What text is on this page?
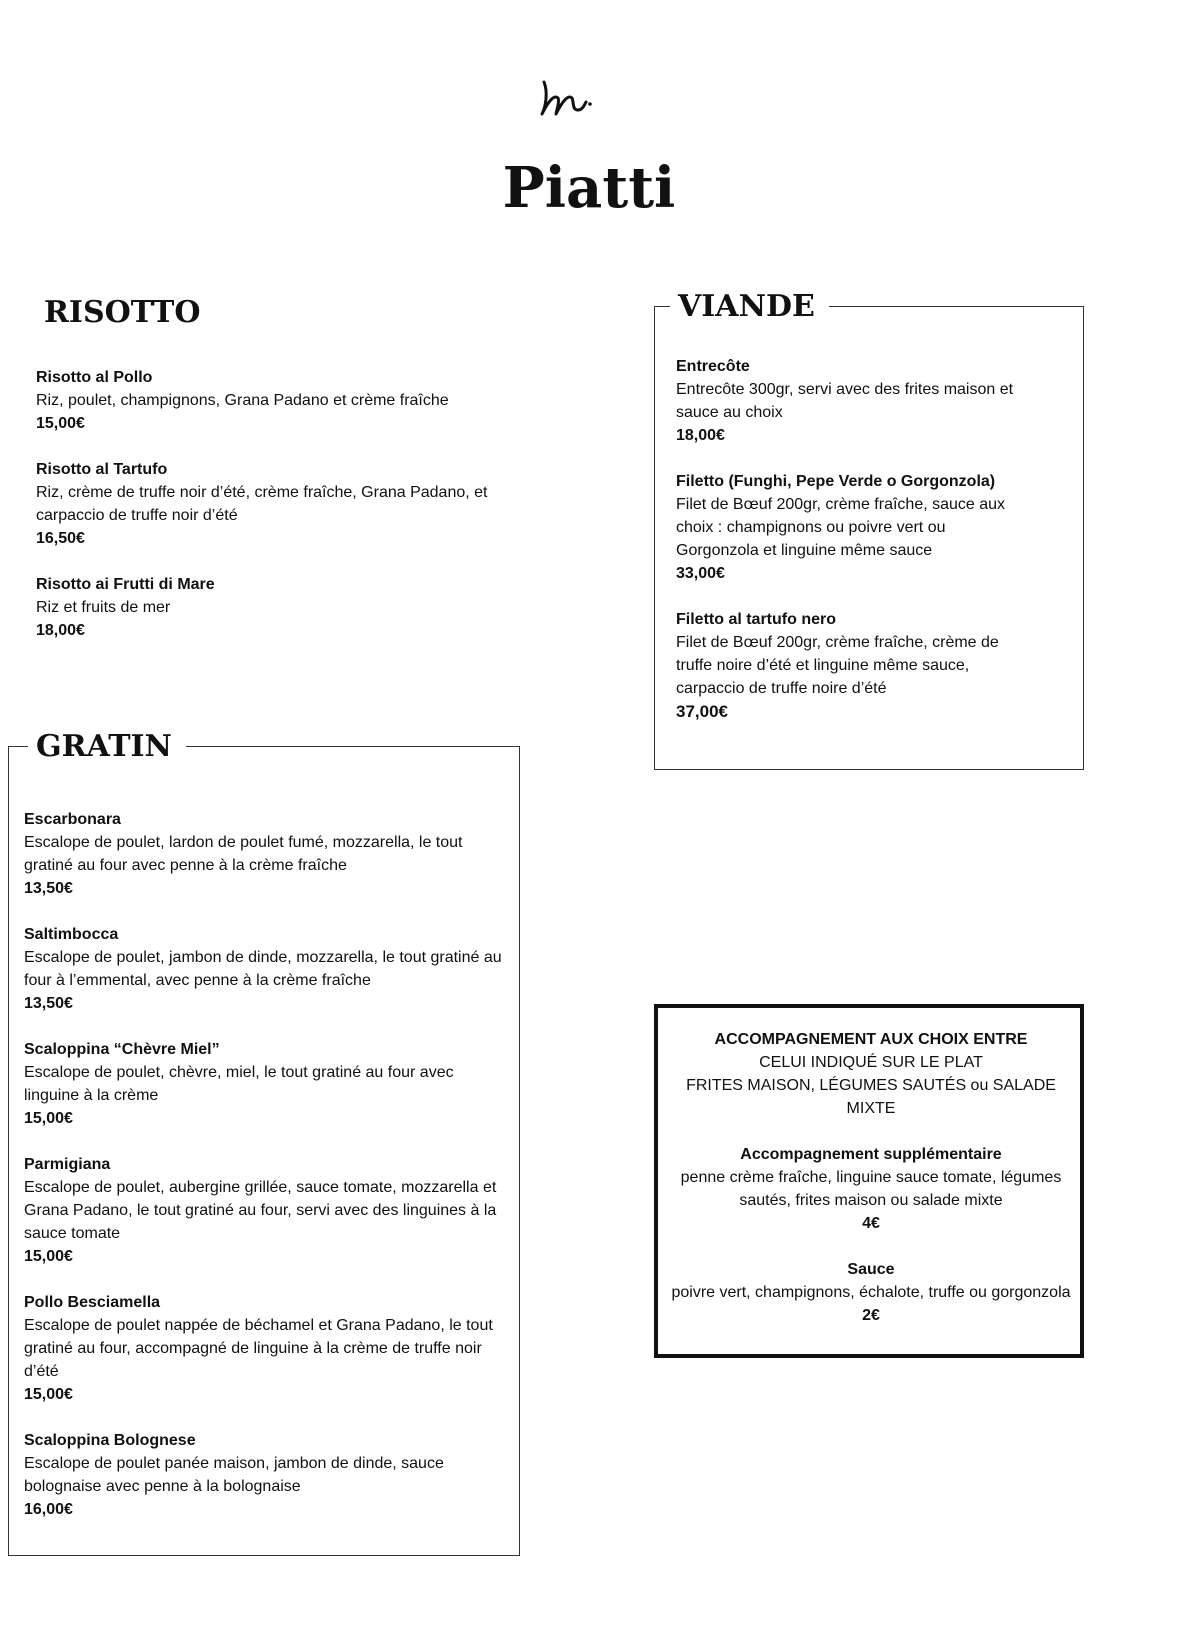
Piatti
RISOTTO
Risotto al Pollo
Riz, poulet, champignons, Grana Padano et crème fraîche
15,00€
Risotto al Tartufo
Riz, crème de truffe noir d’été, crème fraîche, Grana Padano, et carpaccio de truffe noir d’été
16,50€
Risotto ai Frutti di Mare
Riz et fruits de mer
18,00€
VIANDE
Entrecôte
Entrecôte 300gr, servi avec des frites maison et sauce au choix
18,00€
Filetto (Funghi, Pepe Verde o Gorgonzola)
Filet de Bœuf 200gr, crème fraîche, sauce aux choix : champignons ou poivre vert ou Gorgonzola et linguine même sauce
33,00€
Filetto al tartufo nero
Filet de Bœuf 200gr, crème fraîche, crème de truffe noire d’été et linguine même sauce, carpaccio de truffe noire d’été
37,00€
GRATIN
Escarbonara
Escalope de poulet, lardon de poulet fumé, mozzarella, le tout gratiné au four avec penne à la crème fraîche
13,50€
Saltimbocca
Escalope de poulet, jambon de dinde, mozzarella, le tout gratiné au four à l’emmental, avec penne à la crème fraîche
13,50€
Scaloppina “Chèvre Miel”
Escalope de poulet, chèvre, miel, le tout gratiné au four avec linguine à la crème
15,00€
Parmigiana
Escalope de poulet, aubergine grillée, sauce tomate, mozzarella et Grana Padano, le tout gratiné au four, servi avec des linguines à la sauce tomate
15,00€
Pollo Besciamella
Escalope de poulet nappée de béchamel et Grana Padano, le tout gratiné au four, accompagné de linguine à la crème de truffe noir d’été
15,00€
Scaloppina Bolognese
Escalope de poulet panée maison, jambon de dinde, sauce bolognaise avec penne à la bolognaise
16,00€
ACCOMPAGNEMENT AUX CHOIX ENTRE
CELUI INDIQUÉ SUR LE PLAT
FRITES MAISON, LÉGUMES SAUTÉS ou SALADE MIXTE
Accompagnement supplémentaire
penne crème fraîche, linguine sauce tomate, légumes sautés, frites maison ou salade mixte
4€
Sauce
poivre vert, champignons, échalote, truffe ou gorgonzola
2€
